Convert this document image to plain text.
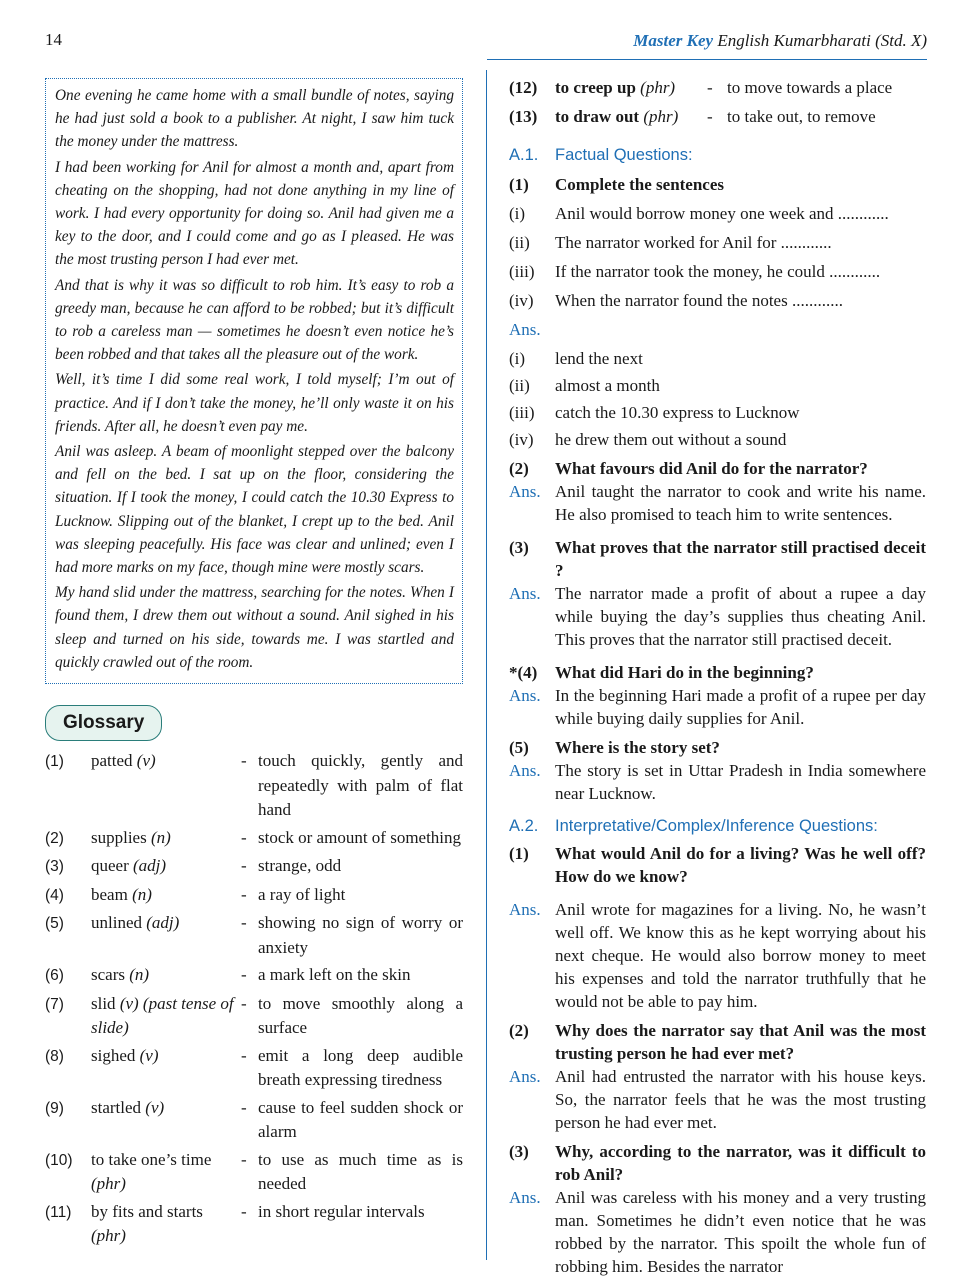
14	Master Key English Kumarbharati (Std. X)

One evening he came home with a small bundle of notes, saying he had just sold a book to a publisher. At night, I saw him tuck the money under the mattress.

I had been working for Anil for almost a month and, apart from cheating on the shopping, had not done anything in my line of work. I had every opportunity for doing so. Anil had given me a key to the door, and I could come and go as I pleased. He was the most trusting person I had ever met.

And that is why it was so difficult to rob him. It’s easy to rob a greedy man, because he can afford to be robbed; but it’s difficult to rob a careless man — sometimes he doesn’t even notice he’s been robbed and that takes all the pleasure out of the work.

Well, it’s time I did some real work, I told myself; I’m out of practice. And if I don’t take the money, he’ll only waste it on his friends. After all, he doesn’t even pay me.

Anil was asleep. A beam of moonlight stepped over the balcony and fell on the bed. I sat up on the floor, considering the situation. If I took the money, I could catch the 10.30 Express to Lucknow. Slipping out of the blanket, I crept up to the bed. Anil was sleeping peacefully. His face was clear and unlined; even I had more marks on my face, though mine were mostly scars.

My hand slid under the mattress, searching for the notes. When I found them, I drew them out without a sound. Anil sighed in his sleep and turned on his side, towards me. I was startled and quickly crawled out of the room.

Glossary
(1)	patted (v)	- touch quickly, gently and repeatedly with palm of flat hand
(2)	supplies (n)	- stock or amount of something
(3)	queer (adj)	- strange, odd
(4)	beam (n)	- a ray of light
(5)	unlined (adj)	- showing no sign of worry or anxiety
(6)	scars (n)	- a mark left on the skin
(7)	slid (v) (past tense of slide)
- to move smoothly along a surface
(8)	sighed (v)	- emit a long deep audible breath expressing tiredness
(9)	startled (v)	- cause to feel sudden shock or alarm
(10)	to take one’s time (phr)
- to use as much time as is needed
(11)	by fits and starts (phr)
- in short regular intervals
(12)	to creep up (phr)	- to move towards a place
(13)	to draw out (phr)	- to take out, to remove
A.1.	Factual Questions:
(1)	Complete the sentences
(i)	Anil would borrow money one week and ............
(ii)	The narrator worked for Anil for ............
(iii)	If the narrator took the money, he could ............
(iv)	When the narrator found the notes ............
Ans.
(i)	lend the next
(ii)	almost a month
(iii)	catch the 10.30 express to Lucknow
(iv)	he drew them out without a sound
(2)	What favours did Anil do for the narrator?
Ans. Anil taught the narrator to cook and write his name. He also promised to teach him to write sentences.
(3)	What proves that the narrator still practised deceit ?
Ans. The narrator made a profit of about a rupee a day while buying the day’s supplies thus cheating Anil. This proves that the narrator still practised deceit.
*(4)	What did Hari do in the beginning?
Ans. In the beginning Hari made a profit of a rupee per day while buying daily supplies for Anil.
(5)	Where is the story set?
Ans. The story is set in Uttar Pradesh in India somewhere near Lucknow.
A.2.	Interpretative/Complex/Inference Questions:
(1)	What would Anil do for a living? Was he well off? How do we know?
Ans. Anil wrote for magazines for a living. No, he wasn’t well off. We know this as he kept worrying about his next cheque. He would also borrow money to meet his expenses and told the narrator truthfully that he would not be able to pay him.
(2)	Why does the narrator say that Anil was the most trusting person he had ever met?
Ans. Anil had entrusted the narrator with his house keys. So, the narrator feels that he was the most trusting person he had ever met.
(3)	Why, according to the narrator, was it difficult to rob Anil?
Ans. Anil was careless with his money and a very trusting man. Sometimes he didn’t even notice that he was robbed by the narrator. This spoilt the whole fun of robbing him. Besides the narrator
